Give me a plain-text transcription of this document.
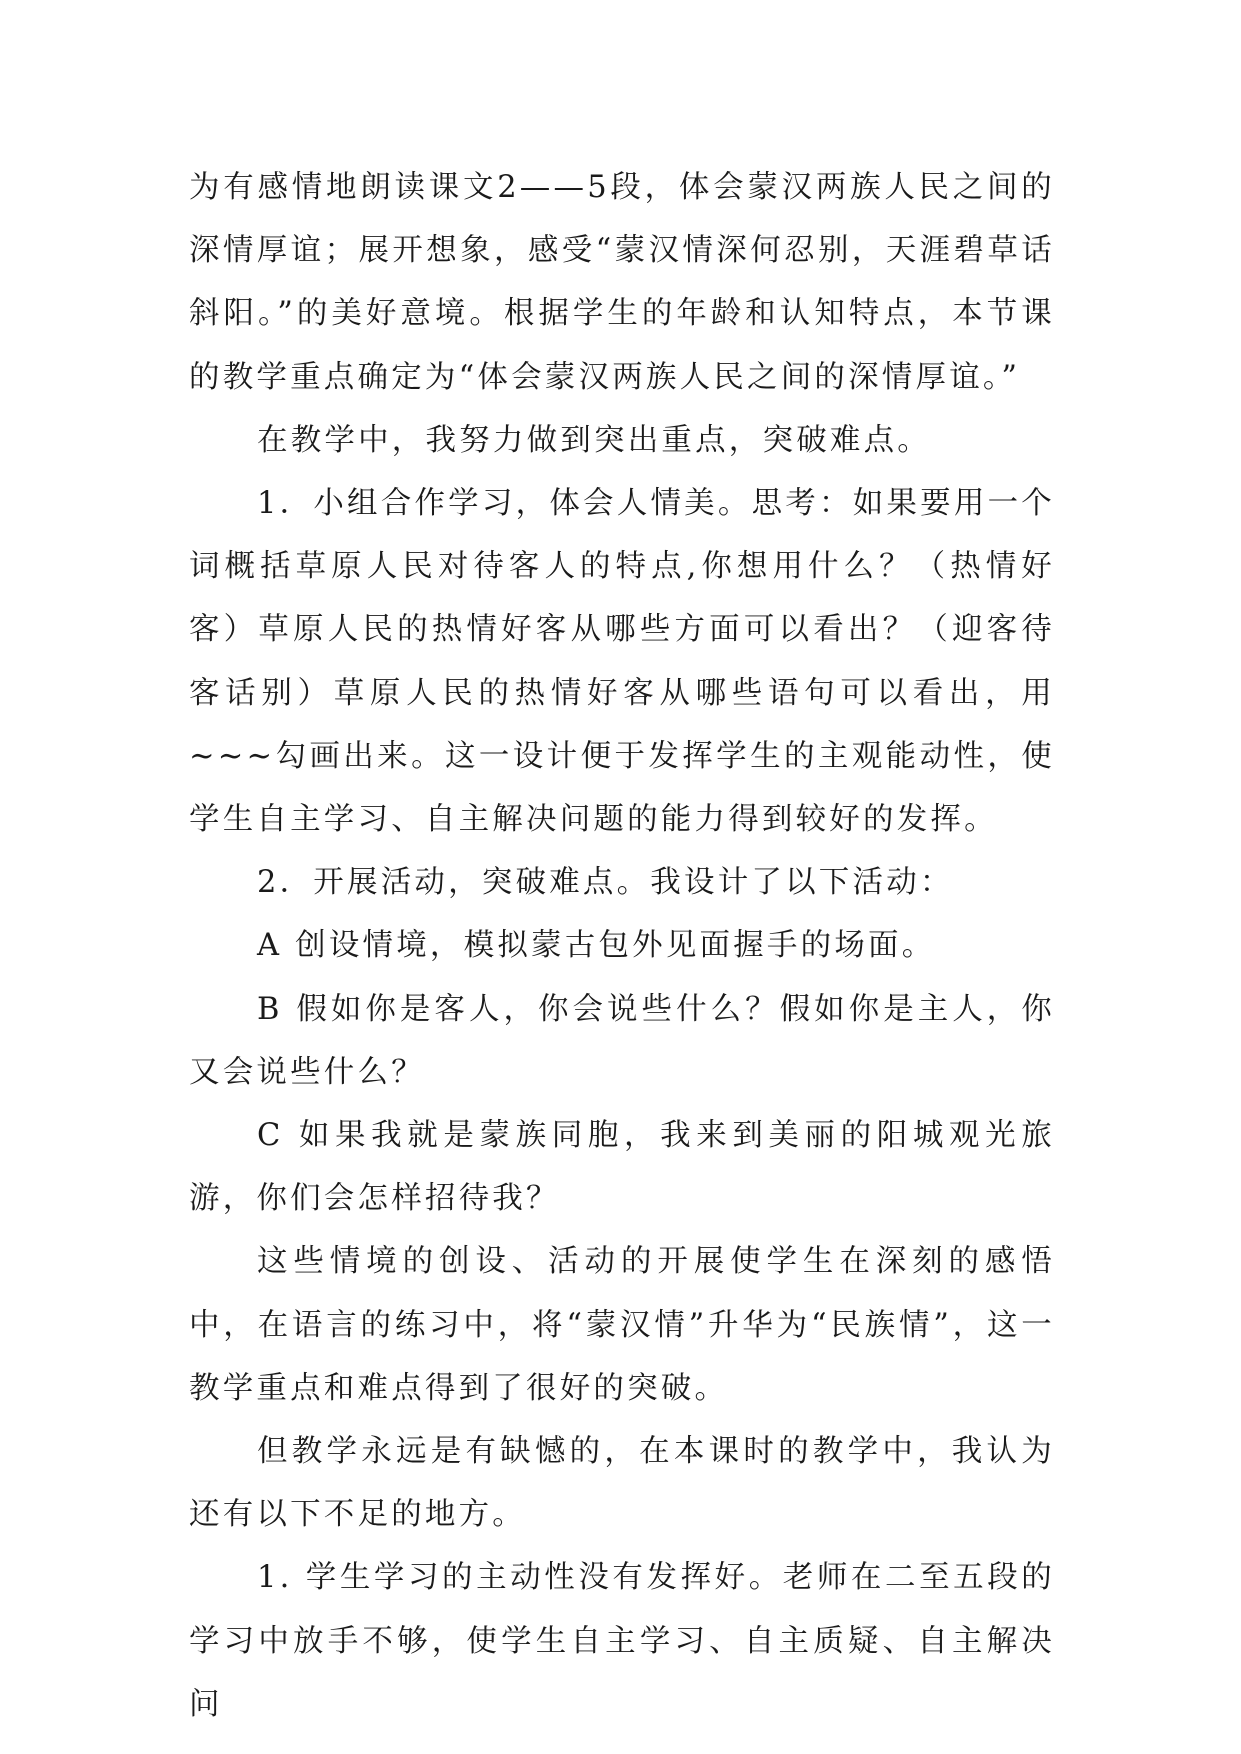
为有感情地朗读课文2——5段，体会蒙汉两族人民之间的深情厚谊；展开想象，感受“蒙汉情深何忍别，天涯碧草话斜阳。”的美好意境。根据学生的年龄和认知特点，本节课的教学重点确定为“体会蒙汉两族人民之间的深情厚谊。”

在教学中，我努力做到突出重点，突破难点。

1．小组合作学习，体会人情美。思考：如果要用一个词概括草原人民对待客人的特点,你想用什么？（热情好客）草原人民的热情好客从哪些方面可以看出？（迎客待客话别）草原人民的热情好客从哪些语句可以看出，用~~~勾画出来。这一设计便于发挥学生的主观能动性，使学生自主学习、自主解决问题的能力得到较好的发挥。

2．开展活动，突破难点。我设计了以下活动：

A 创设情境，模拟蒙古包外见面握手的场面。

B 假如你是客人，你会说些什么？假如你是主人，你又会说些什么？

C 如果我就是蒙族同胞，我来到美丽的阳城观光旅游，你们会怎样招待我？

这些情境的创设、活动的开展使学生在深刻的感悟中，在语言的练习中，将“蒙汉情”升华为“民族情”，这一教学重点和难点得到了很好的突破。

但教学永远是有缺憾的，在本课时的教学中，我认为还有以下不足的地方。

1. 学生学习的主动性没有发挥好。老师在二至五段的学习中放手不够，使学生自主学习、自主质疑、自主解决问
